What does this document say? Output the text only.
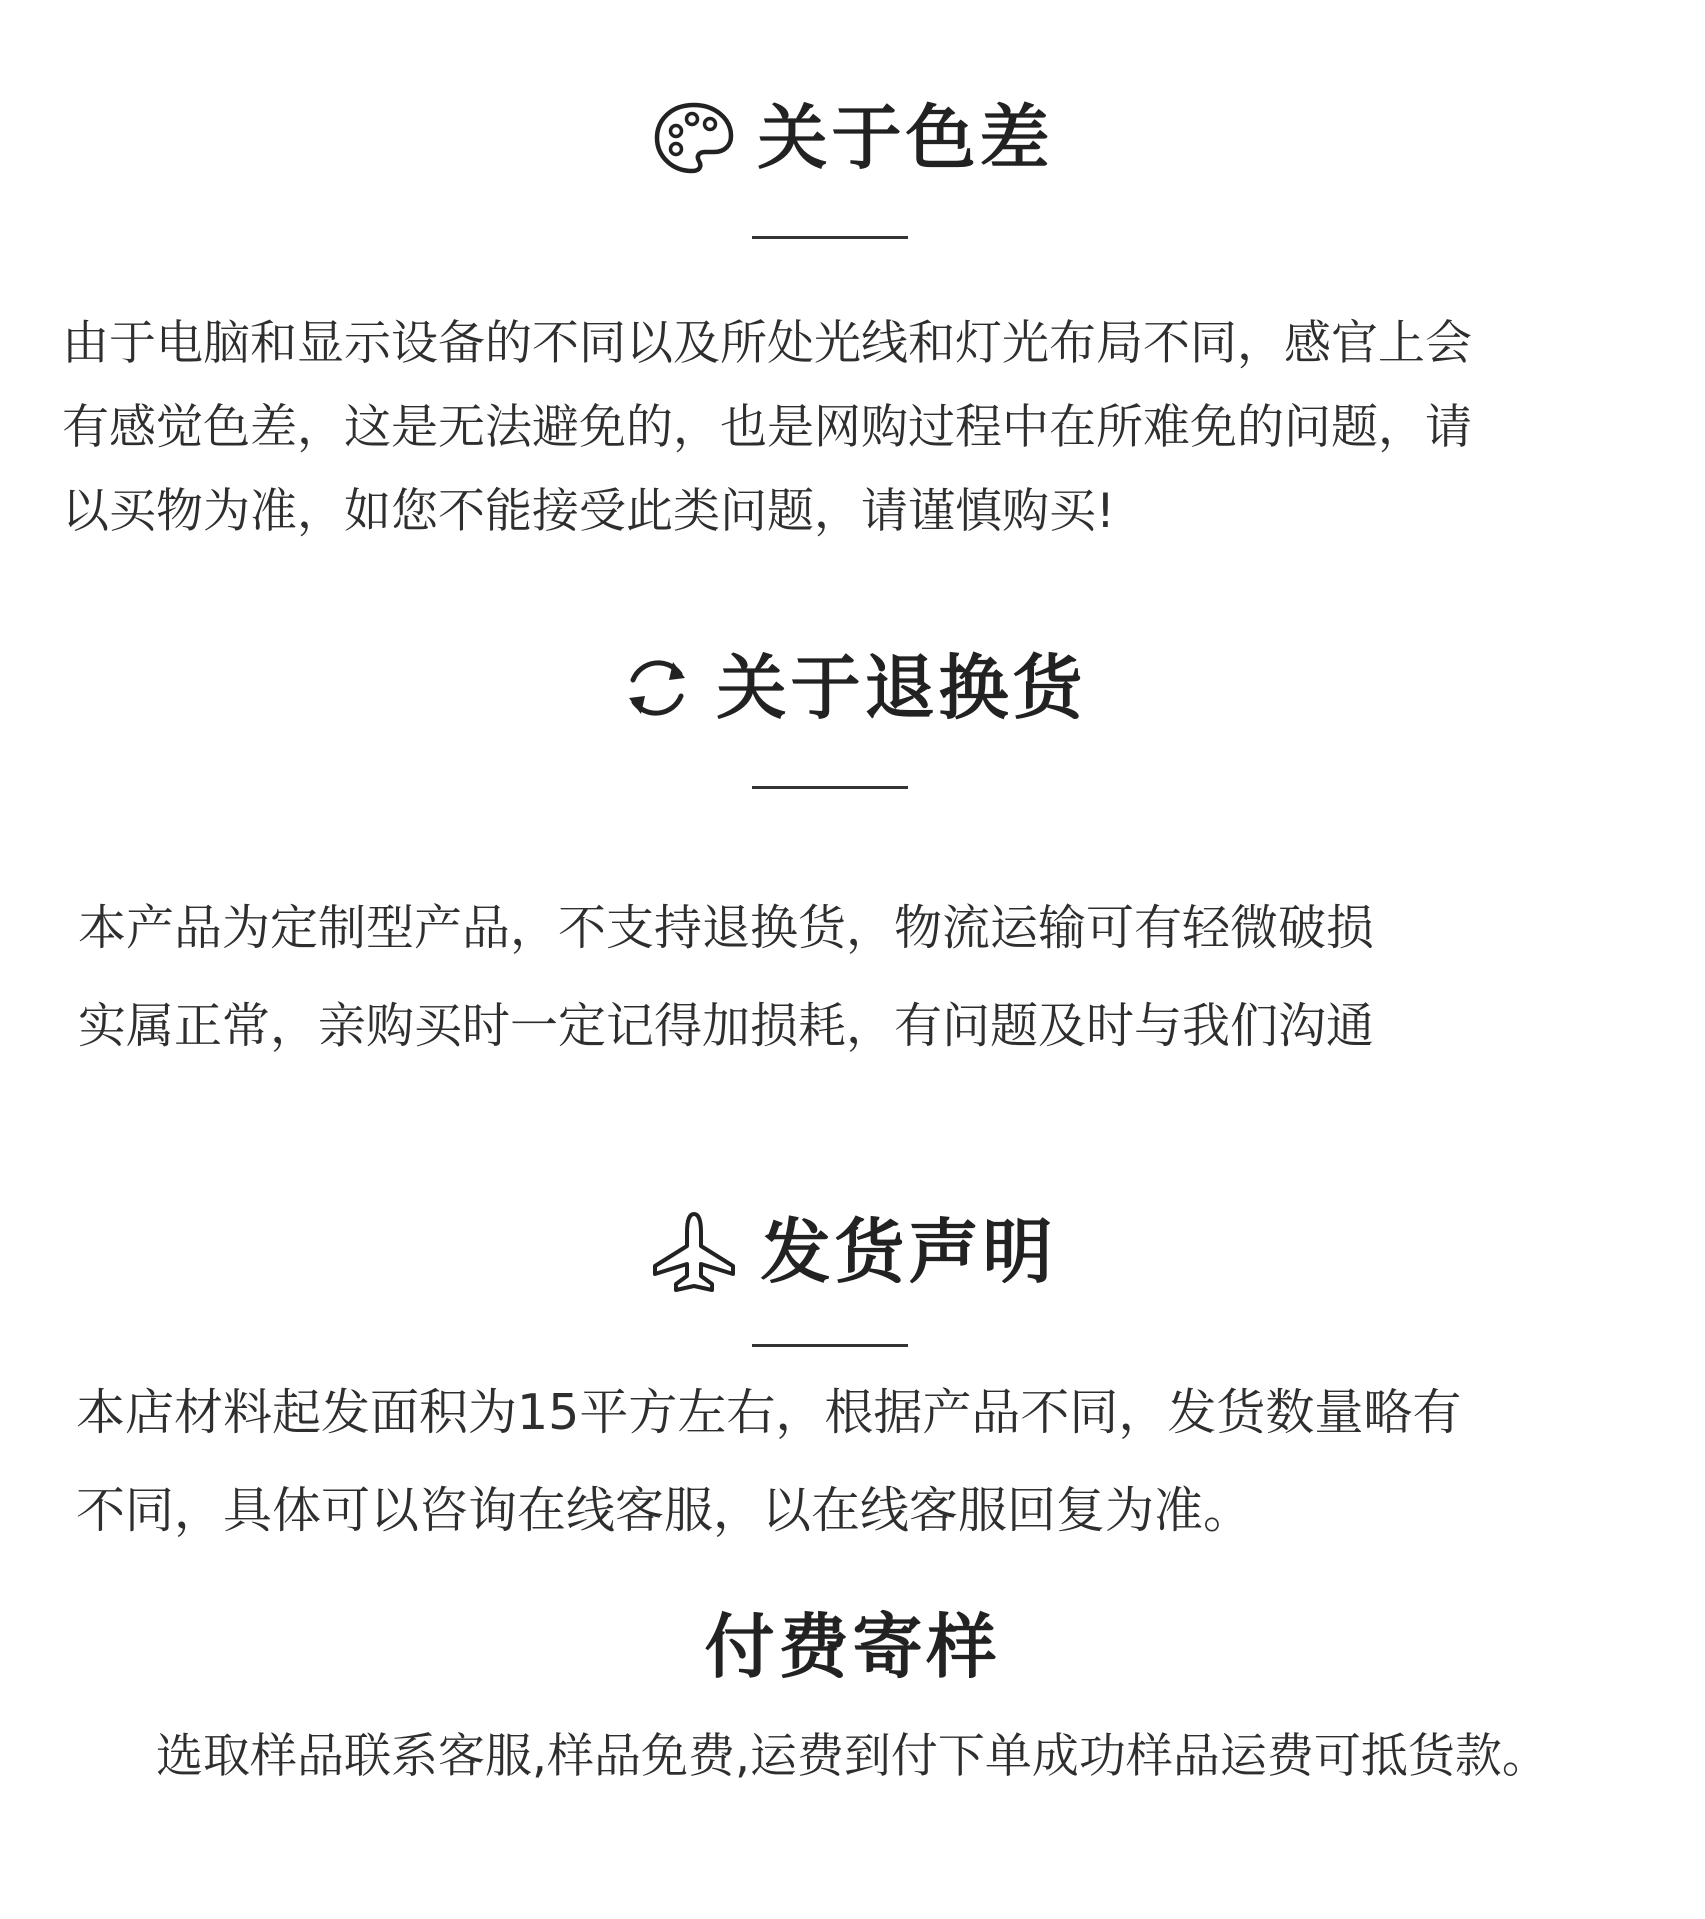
关于色差

由于电脑和显示设备的不同以及所处光线和灯光布局不同，感官上会
有感觉色差，这是无法避免的，也是网购过程中在所难免的问题，请
以买物为准，如您不能接受此类问题，请谨慎购买!

关于退换货

本产品为定制型产品，不支持退换货，物流运输可有轻微破损
实属正常，亲购买时一定记得加损耗，有问题及时与我们沟通

发货声明

本店材料起发面积为15平方左右，根据产品不同，发货数量略有
不同，具体可以咨询在线客服，以在线客服回复为准。

付费寄样

选取样品联系客服,样品免费,运费到付下单成功样品运费可抵货款。
